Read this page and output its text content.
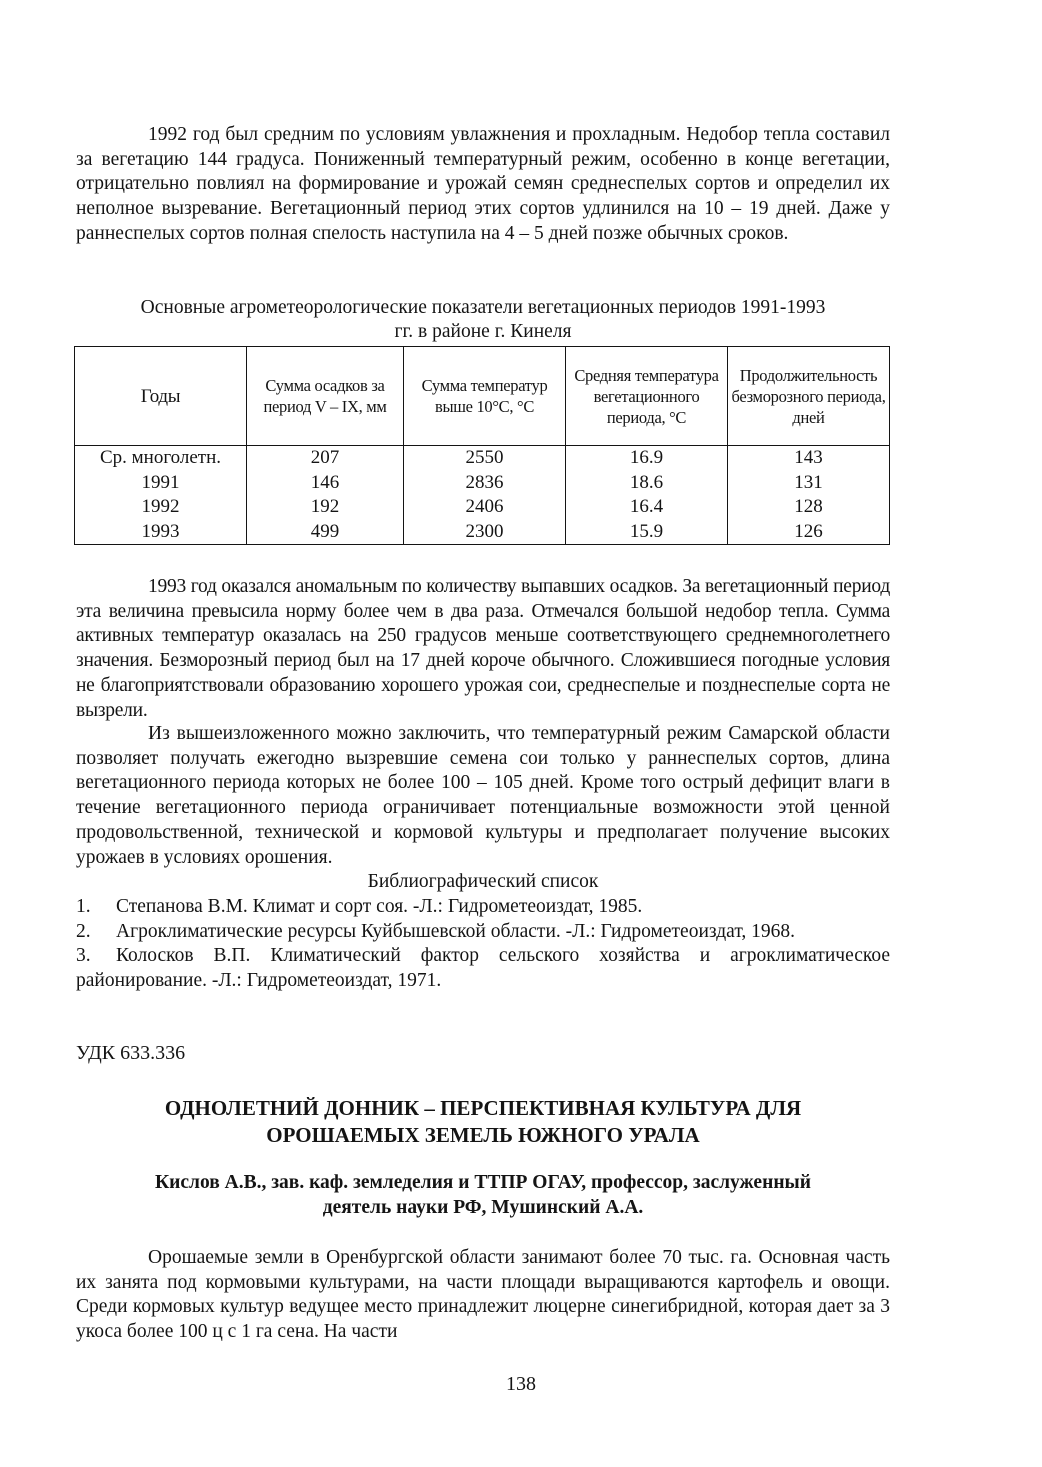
1992 год был средним по условиям увлажнения и прохладным. Недобор тепла составил за вегетацию 144 градуса. Пониженный температурный режим, особенно в конце вегетации, отрицательно повлиял на формирование и урожай семян среднеспелых сортов и определил их неполное вызревание. Вегетационный период этих сортов удлинился на 10 – 19 дней. Даже у раннеспелых сортов полная спелость наступила на 4 – 5 дней позже обычных сроков.

Основные агрометеорологические показатели вегетационных периодов 1991-1993
гг. в районе г. Кинеля
Годы	Сумма осадков за период V – IX, мм	Сумма температур выше 10°С, °С	Средняя температура вегетационного периода, °С	Продолжительность безморозного периода, дней
Ср. многолетн.	207	2550	16.9	143
1991	146	2836	18.6	131
1992	192	2406	16.4	128
1993	499	2300	15.9	126

1993 год оказался аномальным по количеству выпавших осадков. За вегетационный период эта величина превысила норму более чем в два раза. Отмечался большой недобор тепла. Сумма активных температур оказалась на 250 градусов меньше соответствующего среднемноголетнего значения. Безморозный период был на 17 дней короче обычного. Сложившиеся погодные условия не благоприятствовали образованию хорошего урожая сои, среднеспелые и позднеспелые сорта не вызрели.

Из вышеизложенного можно заключить, что температурный режим Самарской области позволяет получать ежегодно вызревшие семена сои только у раннеспелых сортов, длина вегетационного периода которых не более 100 – 105 дней. Кроме того острый дефицит влаги в течение вегетационного периода ограничивает потенциальные возможности этой ценной продовольственной, технической и кормовой культуры и предполагает получение высоких урожаев в условиях орошения.

Библиографический список
1. Степанова В.М. Климат и сорт соя. -Л.: Гидрометеоиздат, 1985.
2. Агроклиматические ресурсы Куйбышевской области. -Л.: Гидрометеоиздат, 1968.
3. Колосков В.П. Климатический фактор сельского хозяйства и агроклиматическое районирование. -Л.: Гидрометеоиздат, 1971.
УДК 633.336
ОДНОЛЕТНИЙ ДОННИК – ПЕРСПЕКТИВНАЯ КУЛЬТУРА ДЛЯ
ОРОШАЕМЫХ ЗЕМЕЛЬ ЮЖНОГО УРАЛА

Кислов А.В., зав. каф. земледелия и ТТПР ОГАУ, профессор, заслуженный
деятель науки РФ, Мушинский А.А.

Орошаемые земли в Оренбургской области занимают более 70 тыс. га. Основная часть их занята под кормовыми культурами, на части площади выращиваются картофель и овощи. Среди кормовых культур ведущее место принадлежит люцерне синегибридной, которая дает за 3 укоса более 100 ц с 1 га сена. На части

138
